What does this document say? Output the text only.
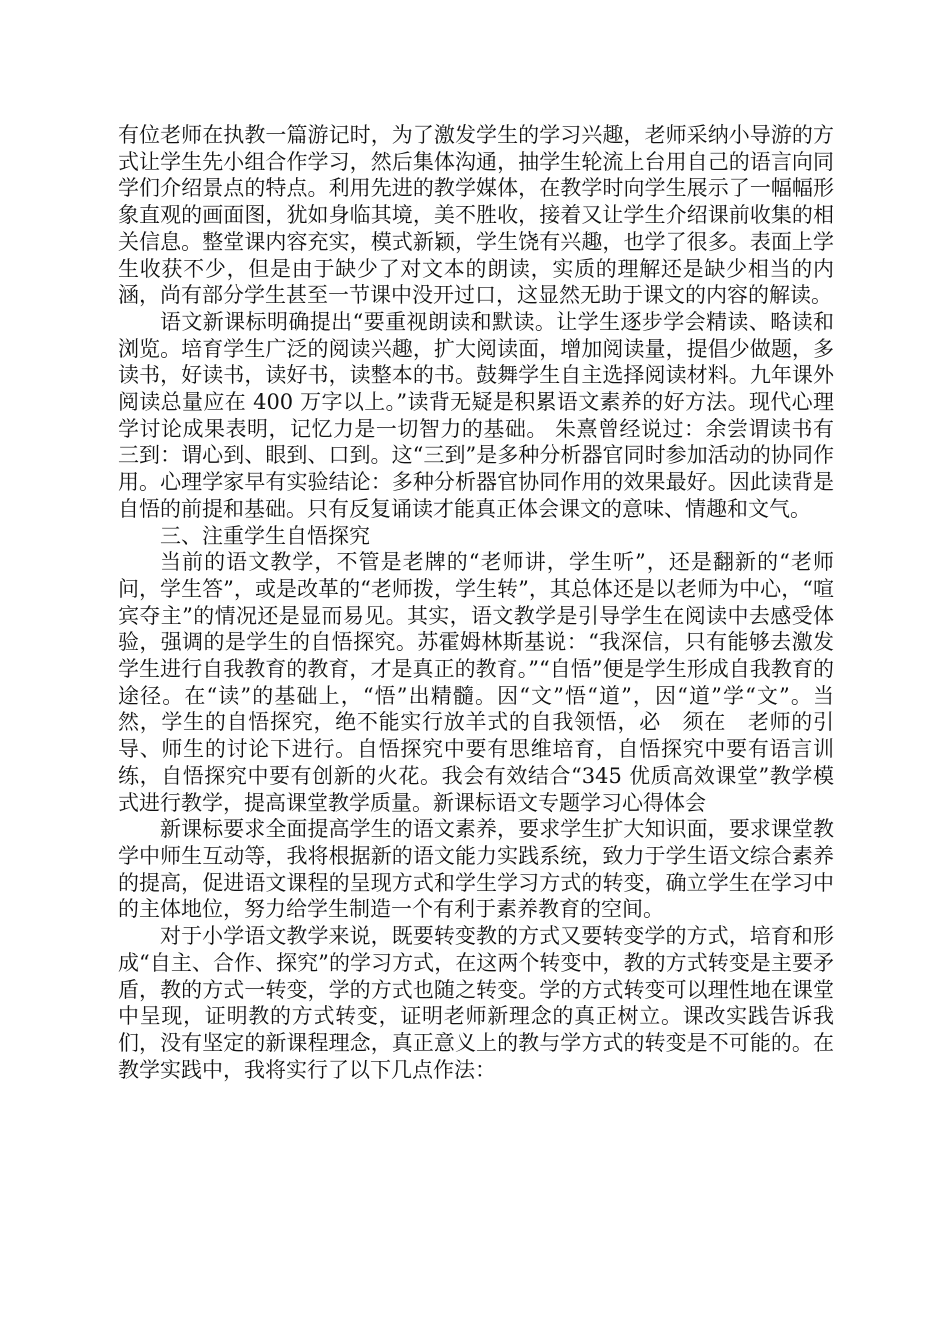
有位老师在执教一篇游记时，为了激发学生的学习兴趣，老师采纳小导游的方式让学生先小组合作学习，然后集体沟通，抽学生轮流上台用自己的语言向同学们介绍景点的特点。利用先进的教学媒体，在教学时向学生展示了一幅幅形象直观的画面图，犹如身临其境，美不胜收，接着又让学生介绍课前收集的相关信息。整堂课内容充实，模式新颖，学生饶有兴趣，也学了很多。表面上学生收获不少，但是由于缺少了对文本的朗读，实质的理解还是缺少相当的内涵，尚有部分学生甚至一节课中没开过口，这显然无助于课文的内容的解读。

语文新课标明确提出“要重视朗读和默读。让学生逐步学会精读、略读和浏览。培育学生广泛的阅读兴趣，扩大阅读面，增加阅读量，提倡少做题，多读书，好读书，读好书，读整本的书。鼓舞学生自主选择阅读材料。九年课外阅读总量应在 400 万字以上。”读背无疑是积累语文素养的好方法。现代心理学讨论成果表明，记忆力是一切智力的基础。 朱熹曾经说过：余尝谓读书有三到：谓心到、眼到、口到。这“三到”是多种分析器官同时参加活动的协同作用。心理学家早有实验结论：多种分析器官协同作用的效果最好。因此读背是自悟的前提和基础。只有反复诵读才能真正体会课文的意味、情趣和文气。

三、注重学生自悟探究

当前的语文教学，不管是老牌的“老师讲，学生听”，还是翻新的“老师问，学生答”，或是改革的“老师拨，学生转”，其总体还是以老师为中心，“喧宾夺主”的情况还是显而易见。其实，语文教学是引导学生在阅读中去感受体验，强调的是学生的自悟探究。苏霍姆林斯基说：“我深信，只有能够去激发学生进行自我教育的教育，才是真正的教育。”“自悟”便是学生形成自我教育的途径。在“读”的基础上，“悟”出精髓。因“文”悟“道”，因“道”学“文”。当然，学生的自悟探究，绝不能实行放羊式的自我领悟，必　须在　老师的引导、师生的讨论下进行。自悟探究中要有思维培育，自悟探究中要有语言训练，自悟探究中要有创新的火花。我会有效结合“345 优质高效课堂”教学模式进行教学，提高课堂教学质量。新课标语文专题学习心得体会

新课标要求全面提高学生的语文素养，要求学生扩大知识面，要求课堂教学中师生互动等，我将根据新的语文能力实践系统，致力于学生语文综合素养的提高，促进语文课程的呈现方式和学生学习方式的转变，确立学生在学习中的主体地位，努力给学生制造一个有利于素养教育的空间。

对于小学语文教学来说，既要转变教的方式又要转变学的方式，培育和形成“自主、合作、探究”的学习方式，在这两个转变中，教的方式转变是主要矛盾，教的方式一转变，学的方式也随之转变。学的方式转变可以理性地在课堂中呈现，证明教的方式转变，证明老师新理念的真正树立。课改实践告诉我们，没有坚定的新课程理念，真正意义上的教与学方式的转变是不可能的。在教学实践中，我将实行了以下几点作法：
